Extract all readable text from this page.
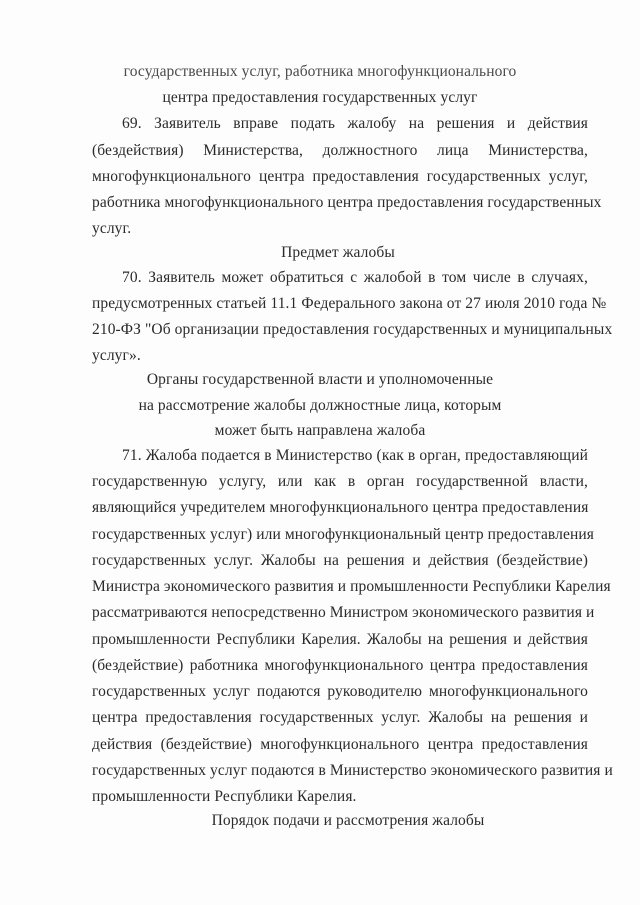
государственных услуг, работника многофункционального
центра предоставления государственных услуг
69. Заявитель вправе подать жалобу на решения и действия
(бездействия) Министерства, должностного лица Министерства,
многофункционального центра предоставления государственных услуг,
работника многофункционального центра предоставления государственных
услуг.
Предмет жалобы
70. Заявитель может обратиться с жалобой в том числе в случаях,
предусмотренных статьей 11.1 Федерального закона от 27 июля 2010 года №
210-ФЗ "Об организации предоставления государственных и муниципальных
услуг».
Органы государственной власти и уполномоченные
на рассмотрение жалобы должностные лица, которым
может быть направлена жалоба
71. Жалоба подается в Министерство (как в орган, предоставляющий
государственную услугу, или как в орган государственной власти,
являющийся учредителем многофункционального центра предоставления
государственных услуг) или многофункциональный центр предоставления
государственных услуг. Жалобы на решения и действия (бездействие)
Министра экономического развития и промышленности Республики Карелия
рассматриваются непосредственно Министром экономического развития и
промышленности Республики Карелия. Жалобы на решения и действия
(бездействие) работника многофункционального центра предоставления
государственных услуг подаются руководителю многофункционального
центра предоставления государственных услуг. Жалобы на решения и
действия (бездействие) многофункционального центра предоставления
государственных услуг подаются в Министерство экономического развития и
промышленности Республики Карелия.
Порядок подачи и рассмотрения жалобы
